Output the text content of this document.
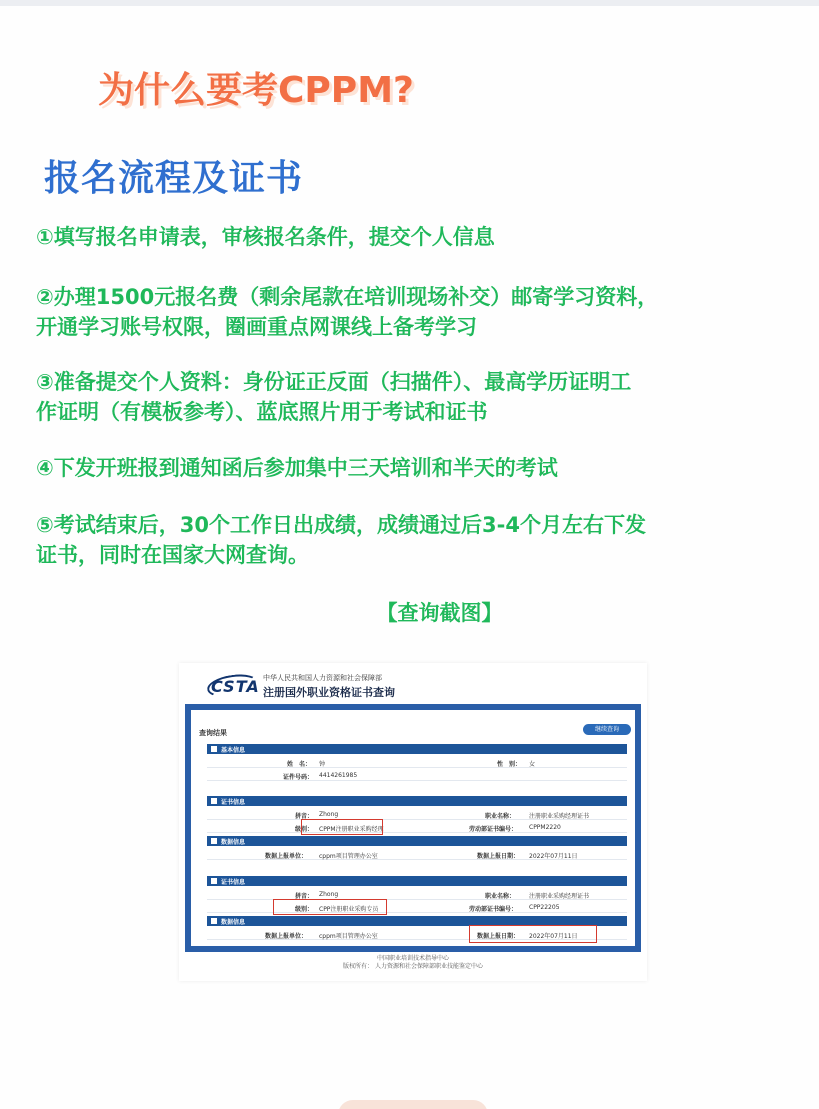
为什么要考CPPM?
报名流程及证书

①填写报名申请表，审核报名条件，提交个人信息

②办理1500元报名费（剩余尾款在培训现场补交）邮寄学习资料，

开通学习账号权限，圈画重点网课线上备考学习

③准备提交个人资料：身份证正反面（扫描件）、最高学历证明工

作证明（有模板参考）、蓝底照片用于考试和证书

④下发开班报到通知函后参加集中三天培训和半天的考试

⑤考试结束后，30个工作日出成绩，成绩通过后3-4个月左右下发

证书，同时在国家大网查询。

【查询截图】
CSTA 中华人民共和国人力资源和社会保障部
注册国外职业资格证书查询
查询结果	继续查询
基本信息
姓　名： 钟	性　别： 女
证件号码： 4414261985
证书信息
拼音： Zhong	职业名称： 注册职业采购经理证书
级别： CPPM注册职业采购经理	劳动部证书编号： CPPM2220
数据信息
数据上报单位： cppm项目管理办公室	数据上报日期： 2022年07月11日
证书信息
拼音： Zhong	职业名称： 注册职业采购经理证书
级别： CPP注册职业采购专员	劳动部证书编号： CPP22205
数据信息
数据上报单位： cppm项目管理办公室	数据上报日期： 2022年07月11日
中国职业培训技术指导中心
版权所有： 人力资源和社会保障部职业技能鉴定中心
